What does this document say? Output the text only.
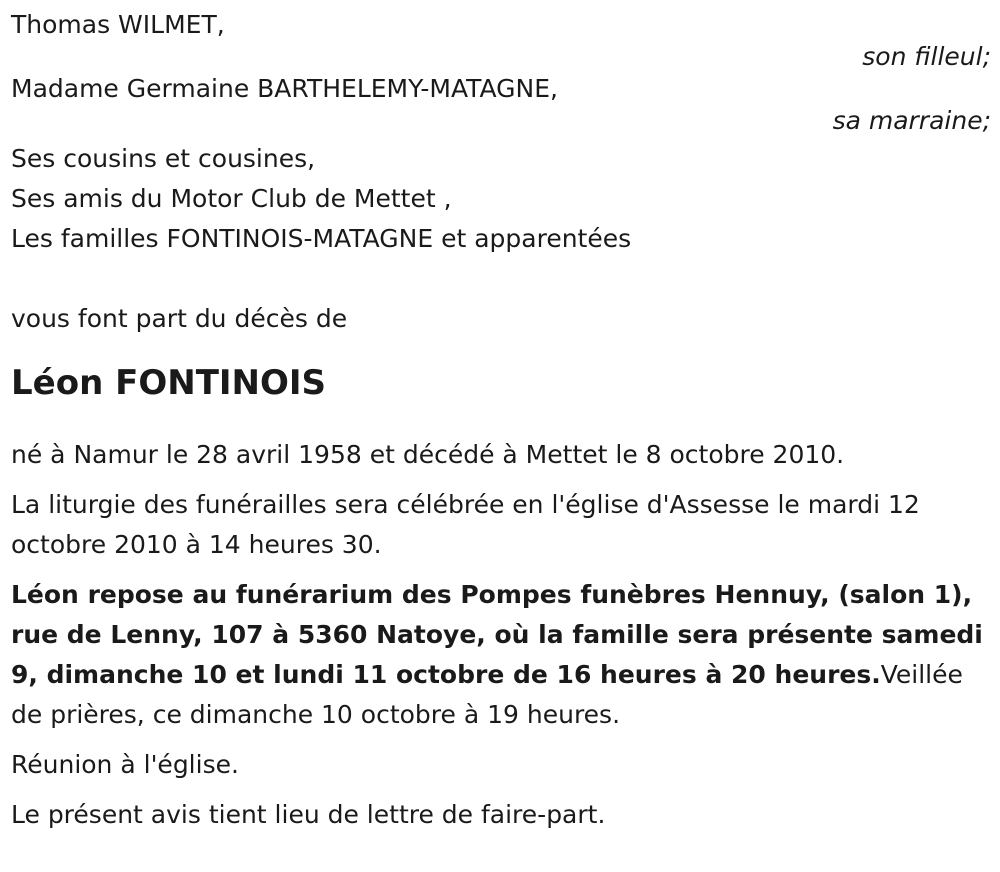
Thomas WILMET,
son filleul;
Madame Germaine BARTHELEMY-MATAGNE,
sa marraine;
Ses cousins et cousines,
Ses amis du Motor Club de Mettet ,
Les familles FONTINOIS-MATAGNE et apparentées
vous font part du décès de
Léon FONTINOIS

né à Namur le 28 avril 1958 et décédé à Mettet le 8 octobre 2010.

La liturgie des funérailles sera célébrée en l'église d'Assesse le mardi 12 octobre 2010 à 14 heures 30.

Léon repose au funérarium des Pompes funèbres Hennuy, (salon 1), rue de Lenny, 107 à 5360 Natoye, où la famille sera présente samedi 9, dimanche 10 et lundi 11 octobre de 16 heures à 20 heures.Veillée de prières, ce dimanche 10 octobre à 19 heures.

Réunion à l'église.

Le présent avis tient lieu de lettre de faire-part.
